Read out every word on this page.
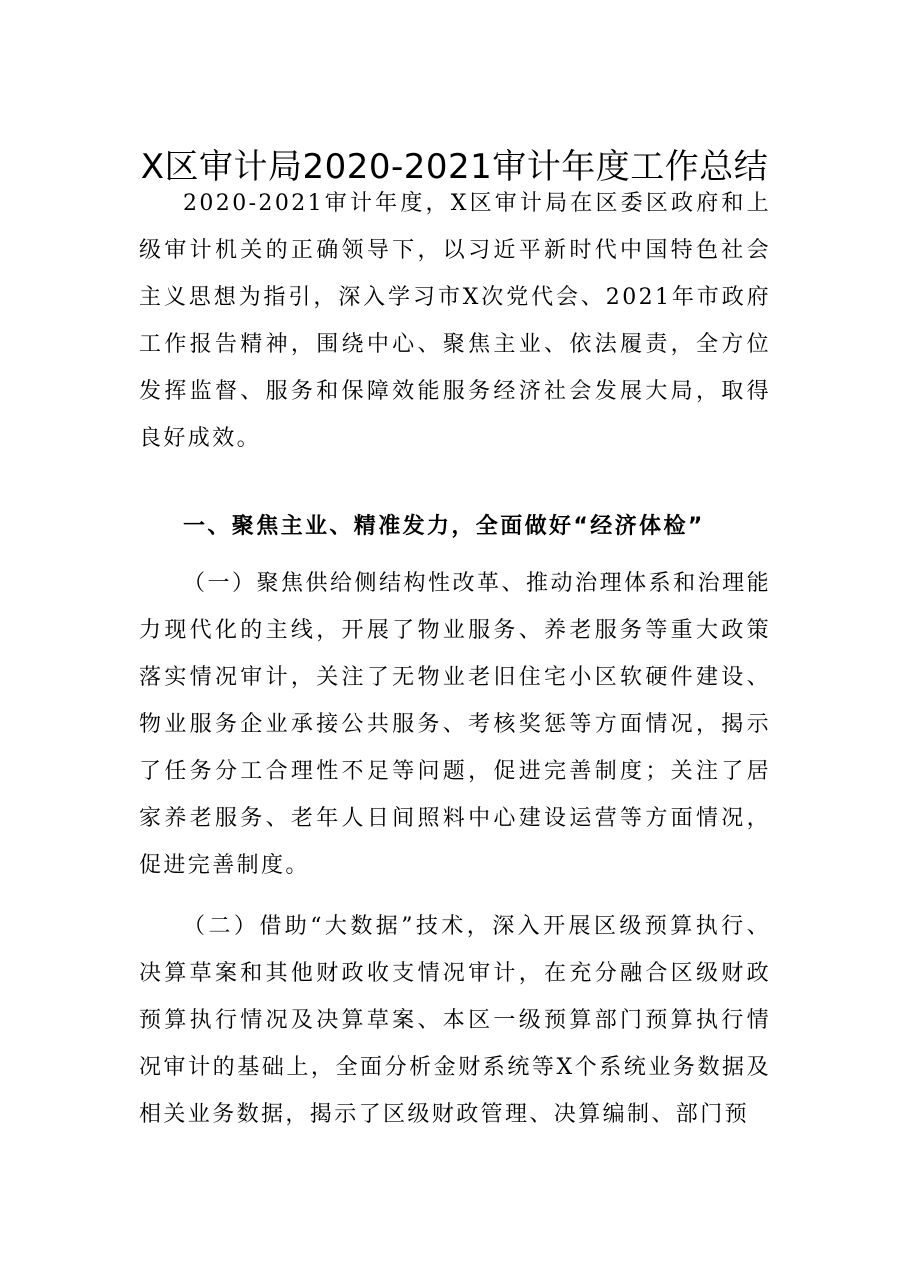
X区审计局2020-2021审计年度工作总结

2020-2021审计年度，X区审计局在区委区政府和上级审计机关的正确领导下，以习近平新时代中国特色社会主义思想为指引，深入学习市X次党代会、2021年市政府工作报告精神，围绕中心、聚焦主业、依法履责，全方位发挥监督、服务和保障效能服务经济社会发展大局，取得良好成效。

一、聚焦主业、精准发力，全面做好“经济体检”

（一）聚焦供给侧结构性改革、推动治理体系和治理能力现代化的主线，开展了物业服务、养老服务等重大政策落实情况审计，关注了无物业老旧住宅小区软硬件建设、物业服务企业承接公共服务、考核奖惩等方面情况，揭示了任务分工合理性不足等问题，促进完善制度；关注了居家养老服务、老年人日间照料中心建设运营等方面情况，促进完善制度。

（二）借助“大数据”技术，深入开展区级预算执行、决算草案和其他财政收支情况审计，在充分融合区级财政预算执行情况及决算草案、本区一级预算部门预算执行情况审计的基础上，全面分析金财系统等X个系统业务数据及相关业务数据，揭示了区级财政管理、决算编制、部门预
